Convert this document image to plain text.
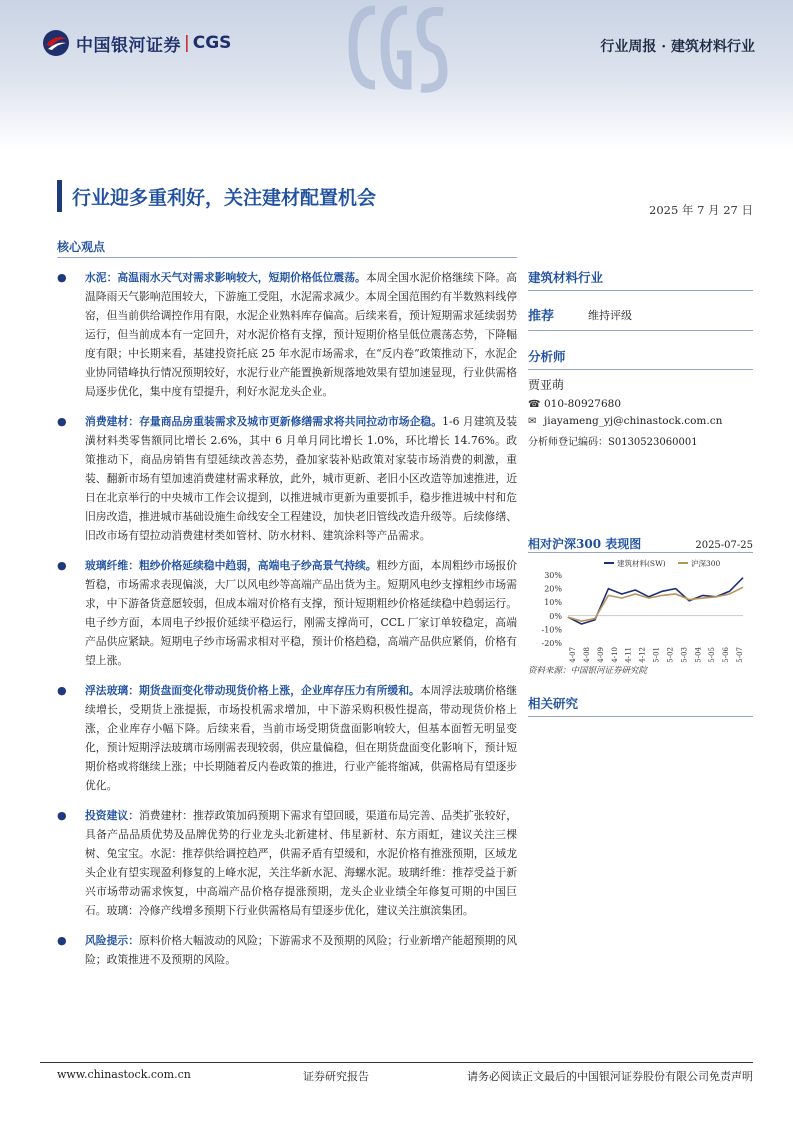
中国银河证券 | CGS	行业周报 · 建筑材料行业
行业迎多重利好，关注建材配置机会
2025 年 7 月 27 日
核心观点
● 水泥：高温雨水天气对需求影响较大，短期价格低位震荡。本周全国水泥价格继续下降。高温降雨天气影响范围较大，下游施工受阻，水泥需求减少。本周全国范围约有半数熟料线停窑，但当前供给调控作用有限，水泥企业熟料库存偏高。后续来看，预计短期需求延续弱势运行，但当前成本有一定回升，对水泥价格有支撑，预计短期价格呈低位震荡态势，下降幅度有限；中长期来看，基建投资托底 25 年水泥市场需求，在“反内卷”政策推动下，水泥企业协同错峰执行情况预期较好，水泥行业产能置换新规落地效果有望加速显现，行业供需格局逐步优化，集中度有望提升，利好水泥龙头企业。
● 消费建材：存量商品房重装需求及城市更新修缮需求将共同拉动市场企稳。1-6 月建筑及装潢材料类零售额同比增长 2.6%，其中 6 月单月同比增长 1.0%，环比增长 14.76%。政策推动下，商品房销售有望延续改善态势，叠加家装补贴政策对家装市场消费的刺激，重装、翻新市场有望加速消费建材需求释放，此外，城市更新、老旧小区改造等加速推进，近日在北京举行的中央城市工作会议提到，以推进城市更新为重要抓手，稳步推进城中村和危旧房改造，推进城市基础设施生命线安全工程建设，加快老旧管线改造升级等。后续修缮、旧改市场有望拉动消费建材类如管材、防水材料、建筑涂料等产品需求。
● 玻璃纤维：粗纱价格延续稳中趋弱，高端电子纱高景气持续。粗纱方面，本周粗纱市场报价暂稳，市场需求表现偏淡，大厂以风电纱等高端产品出货为主。短期风电纱支撑粗纱市场需求，中下游备货意愿较弱，但成本端对价格有支撑，预计短期粗纱价格延续稳中趋弱运行。电子纱方面，本周电子纱报价延续平稳运行，刚需支撑尚可，CCL 厂家订单较稳定，高端产品供应紧缺。短期电子纱市场需求相对平稳，预计价格趋稳，高端产品供应紧俏，价格有望上涨。
● 浮法玻璃：期货盘面变化带动现货价格上涨，企业库存压力有所缓和。本周浮法玻璃价格继续增长，受期货上涨提振，市场投机需求增加，中下游采购积极性提高，带动现货价格上涨，企业库存小幅下降。后续来看，当前市场受期货盘面影响较大，但基本面暂无明显变化，预计短期浮法玻璃市场刚需表现较弱，供应量偏稳，但在期货盘面变化影响下，预计短期价格或将继续上涨；中长期随着反内卷政策的推进，行业产能将缩减，供需格局有望逐步优化。
● 投资建议：消费建材：推荐政策加码预期下需求有望回暖，渠道布局完善、品类扩张较好，具备产品品质优势及品牌优势的行业龙头北新建材、伟星新材、东方雨虹，建议关注三棵树、兔宝宝。水泥：推荐供给调控趋严，供需矛盾有望缓和，水泥价格有推涨预期，区域龙头企业有望实现盈利修复的上峰水泥，关注华新水泥、海螺水泥。玻璃纤维：推荐受益于新兴市场带动需求恢复，中高端产品价格存提涨预期，龙头企业业绩全年修复可期的中国巨石。玻璃：冷修产线增多预期下行业供需格局有望逐步优化，建议关注旗滨集团。
● 风险提示：原料价格大幅波动的风险；下游需求不及预期的风险；行业新增产能超预期的风险；政策推进不及预期的风险。
建筑材料行业
推荐	维持评级
分析师
贾亚萌
☎ 010-80927680
✉ jiayameng_yj@chinastock.com.cn
分析师登记编码：S0130523060001
相对沪深300 表现图	2025-07-25
30%
20%
10%
0%
-10%
-20%
24-07 24-08 24-09 24-10 24-11 24-12 25-01 25-02 25-03 25-04 25-05 25-06 25-07
建筑材料(SW)	沪深300
资料来源：中国银河证券研究院
相关研究
www.chinastock.com.cn	证券研究报告	请务必阅读正文最后的中国银河证券股份有限公司免责声明
